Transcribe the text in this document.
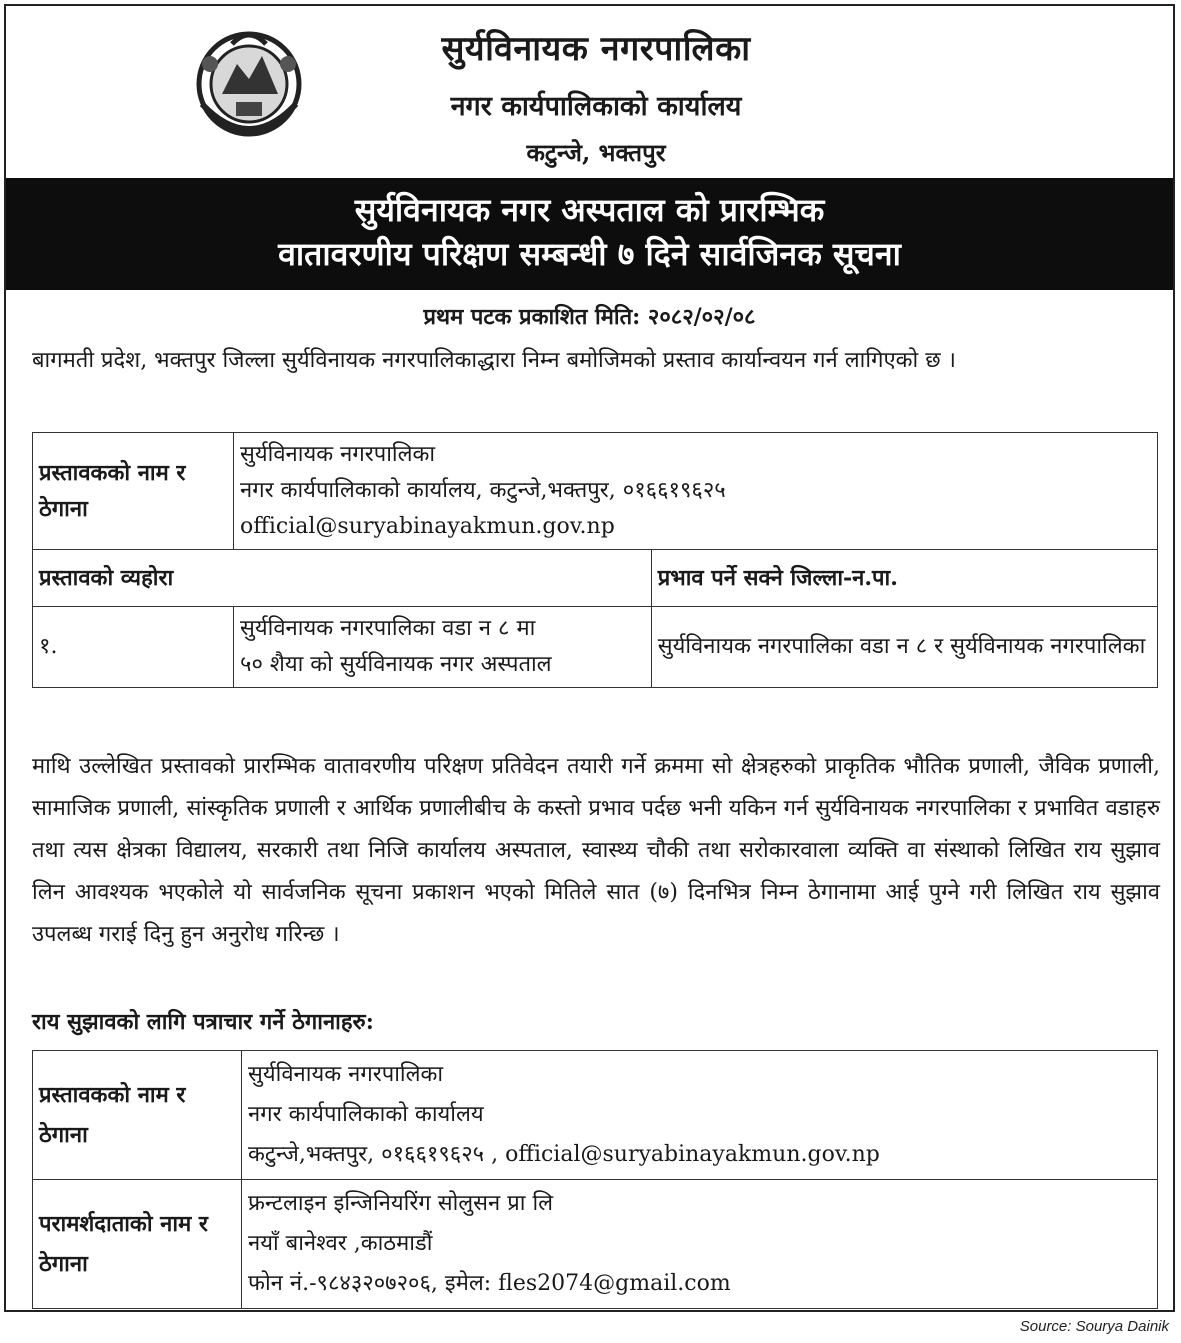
सुर्यविनायक नगरपालिका
नगर कार्यपालिकाको कार्यालय
कटुन्जे, भक्तपुर
सुर्यविनायक नगर अस्पताल को प्रारम्भिक
वातावरणीय परिक्षण सम्बन्धी ७ दिने सार्वजिनक सूचना
प्रथम पटक प्रकाशित मिति: २०८२/०२/०८
बागमती प्रदेश, भक्तपुर जिल्ला सुर्यविनायक नगरपालिकाद्धारा निम्न बमोजिमको प्रस्ताव कार्यान्वयन गर्न लागिएको छ ।
प्रस्तावकको नाम र ठेगाना	सुर्यविनायक नगरपालिका
नगर कार्यपालिकाको कार्यालय, कटुन्जे,भक्तपुर, ०१६६१९६२५
official@suryabinayakmun.gov.np	

प्रस्तावको व्यहोरा		प्रभाव पर्ने सक्ने जिल्ला-न.पा.
१.	सुर्यविनायक नगरपालिका वडा न ८ मा
५० शैया को सुर्यविनायक नगर अस्पताल	सुर्यविनायक नगरपालिका वडा न ८ र सुर्यविनायक नगरपालिका
माथि उल्लेखित प्रस्तावको प्रारम्भिक वातावरणीय परिक्षण प्रतिवेदन तयारी गर्ने क्रममा सो क्षेत्रहरुको प्राकृतिक भौतिक प्रणाली, जैविक प्रणाली, सामाजिक प्रणाली, सांस्कृतिक प्रणाली र आर्थिक प्रणालीबीच के कस्तो प्रभाव पर्दछ भनी यकिन गर्न सुर्यविनायक नगरपालिका र प्रभावित वडाहरु तथा त्यस क्षेत्रका विद्यालय, सरकारी तथा निजि कार्यालय अस्पताल, स्वास्थ्य चौकी तथा सरोकारवाला व्यक्ति वा संस्थाको लिखित राय सुझाव लिन आवश्यक भएकोले यो सार्वजनिक सूचना प्रकाशन भएको मितिले सात (७) दिनभित्र निम्न ठेगानामा आई पुग्ने गरी लिखित राय सुझाव उपलब्ध गराई दिनु हुन अनुरोध गरिन्छ ।
राय सुझावको लागि पत्राचार गर्ने ठेगानाहरु:
प्रस्तावकको नाम र ठेगाना	सुर्यविनायक नगरपालिका
नगर कार्यपालिकाको कार्यालय
कटुन्जे,भक्तपुर, ०१६६१९६२५ , official@suryabinayakmun.gov.np

परामर्शदाताको नाम र ठेगाना	फ्रन्टलाइन इन्जिनियरिंग सोलुसन प्रा लि
नयाँ बानेश्वर ,काठमाडौं
फोन नं.-९८४३२०७२०६, इमेल: fles2074@gmail.com
Source: Sourya Dainik
